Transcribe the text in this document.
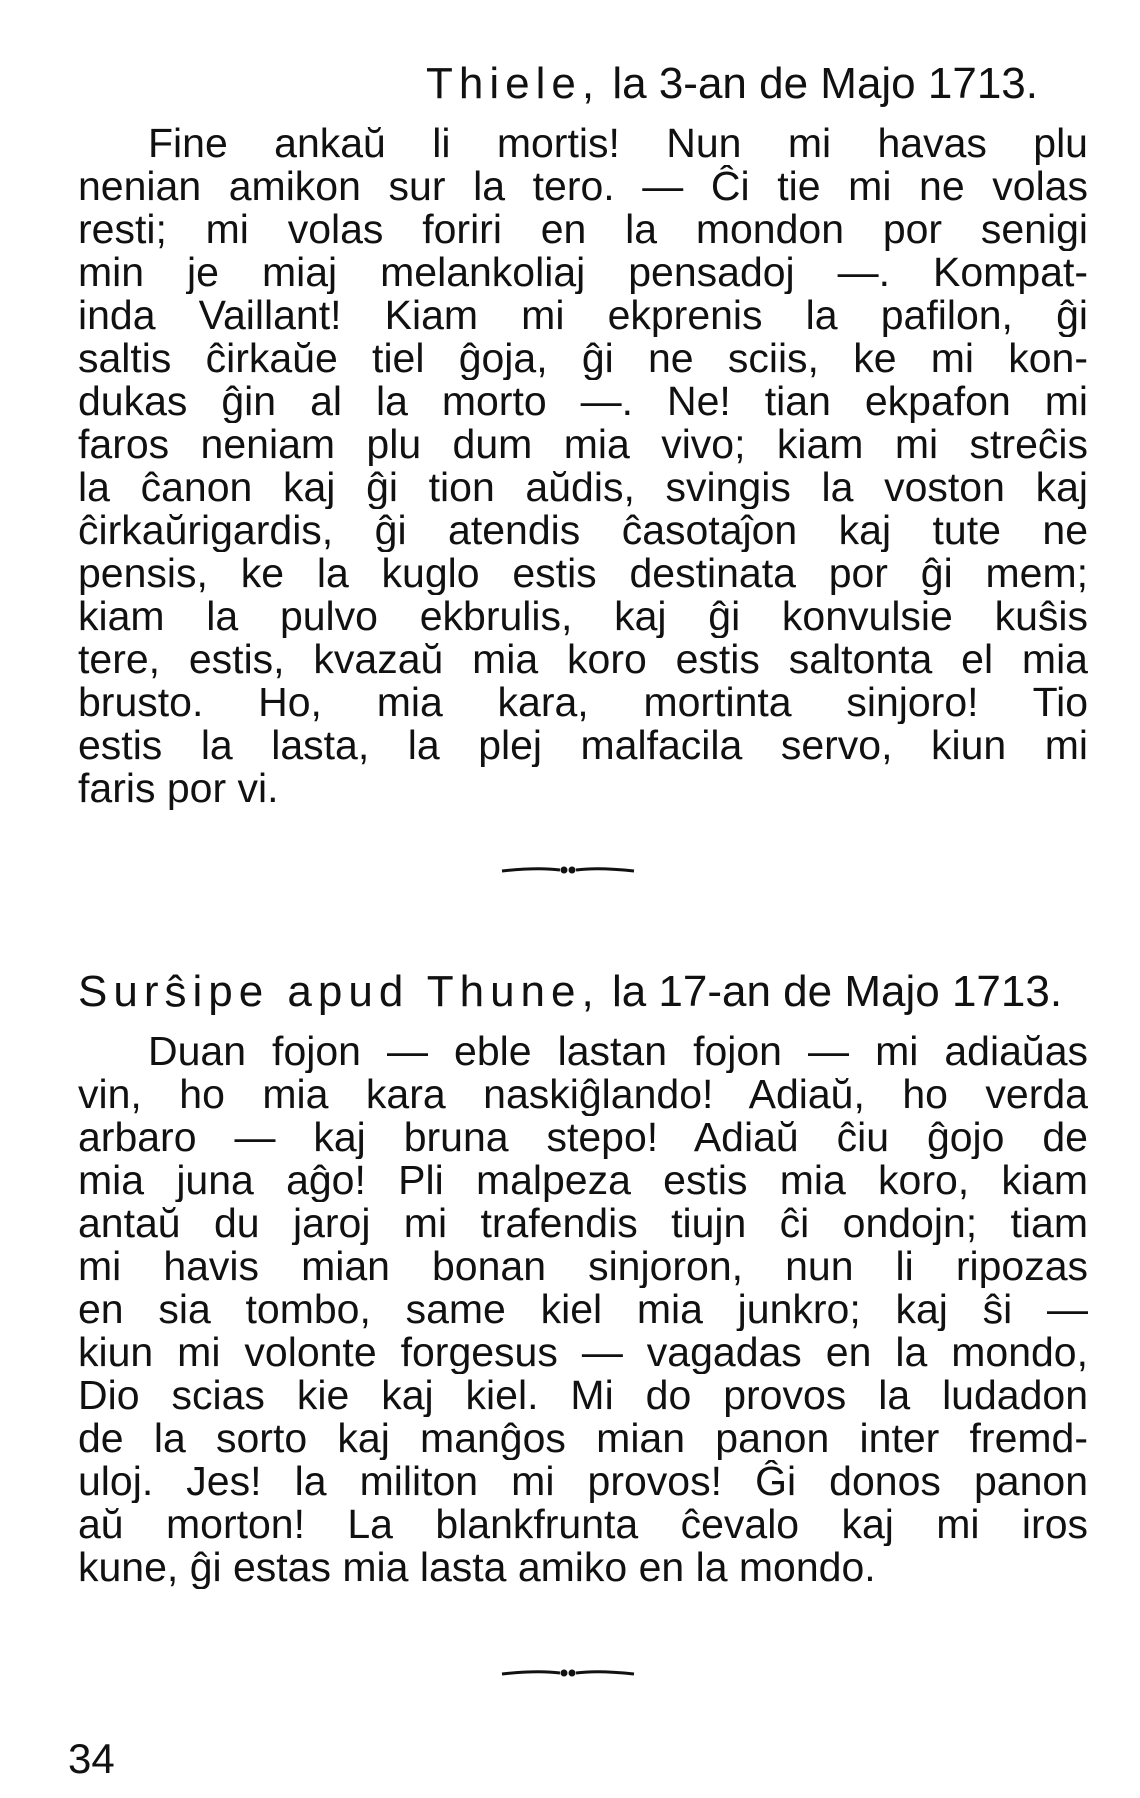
Thiele, la 3-an de Majo 1713.
Fine ankaŭ li mortis! Nun mi havas plu
nenian amikon sur la tero. — Ĉi tie mi ne volas
resti; mi volas foriri en la mondon por senigi
min je miaj melankoliaj pensadoj —. Kompat-
inda Vaillant! Kiam mi ekprenis la pafilon, ĝi
saltis ĉirkaŭe tiel ĝoja, ĝi ne sciis, ke mi kon-
dukas ĝin al la morto —. Ne! tian ekpafon mi
faros neniam plu dum mia vivo; kiam mi streĉis
la ĉanon kaj ĝi tion aŭdis, svingis la voston kaj
ĉirkaŭrigardis, ĝi atendis ĉasotaĵon kaj tute ne
pensis, ke la kuglo estis destinata por ĝi mem;
kiam la pulvo ekbrulis, kaj ĝi konvulsie kuŝis
tere, estis, kvazaŭ mia koro estis saltonta el mia
brusto. Ho, mia kara, mortinta sinjoro! Tio
estis la lasta, la plej malfacila servo, kiun mi
faris por vi.
Surŝipe apud Thune, la 17-an de Majo 1713.
Duan fojon — eble lastan fojon — mi adiaŭas
vin, ho mia kara naskiĝlando! Adiaŭ, ho verda
arbaro — kaj bruna stepo! Adiaŭ ĉiu ĝojo de
mia juna aĝo! Pli malpeza estis mia koro, kiam
antaŭ du jaroj mi trafendis tiujn ĉi ondojn; tiam
mi havis mian bonan sinjoron, nun li ripozas
en sia tombo, same kiel mia junkro; kaj ŝi —
kiun mi volonte forgesus — vagadas en la mondo,
Dio scias kie kaj kiel. Mi do provos la ludadon
de la sorto kaj manĝos mian panon inter fremd-
uloj. Jes! la militon mi provos! Ĝi donos panon
aŭ morton! La blankfrunta ĉevalo kaj mi iros
kune, ĝi estas mia lasta amiko en la mondo.
34
